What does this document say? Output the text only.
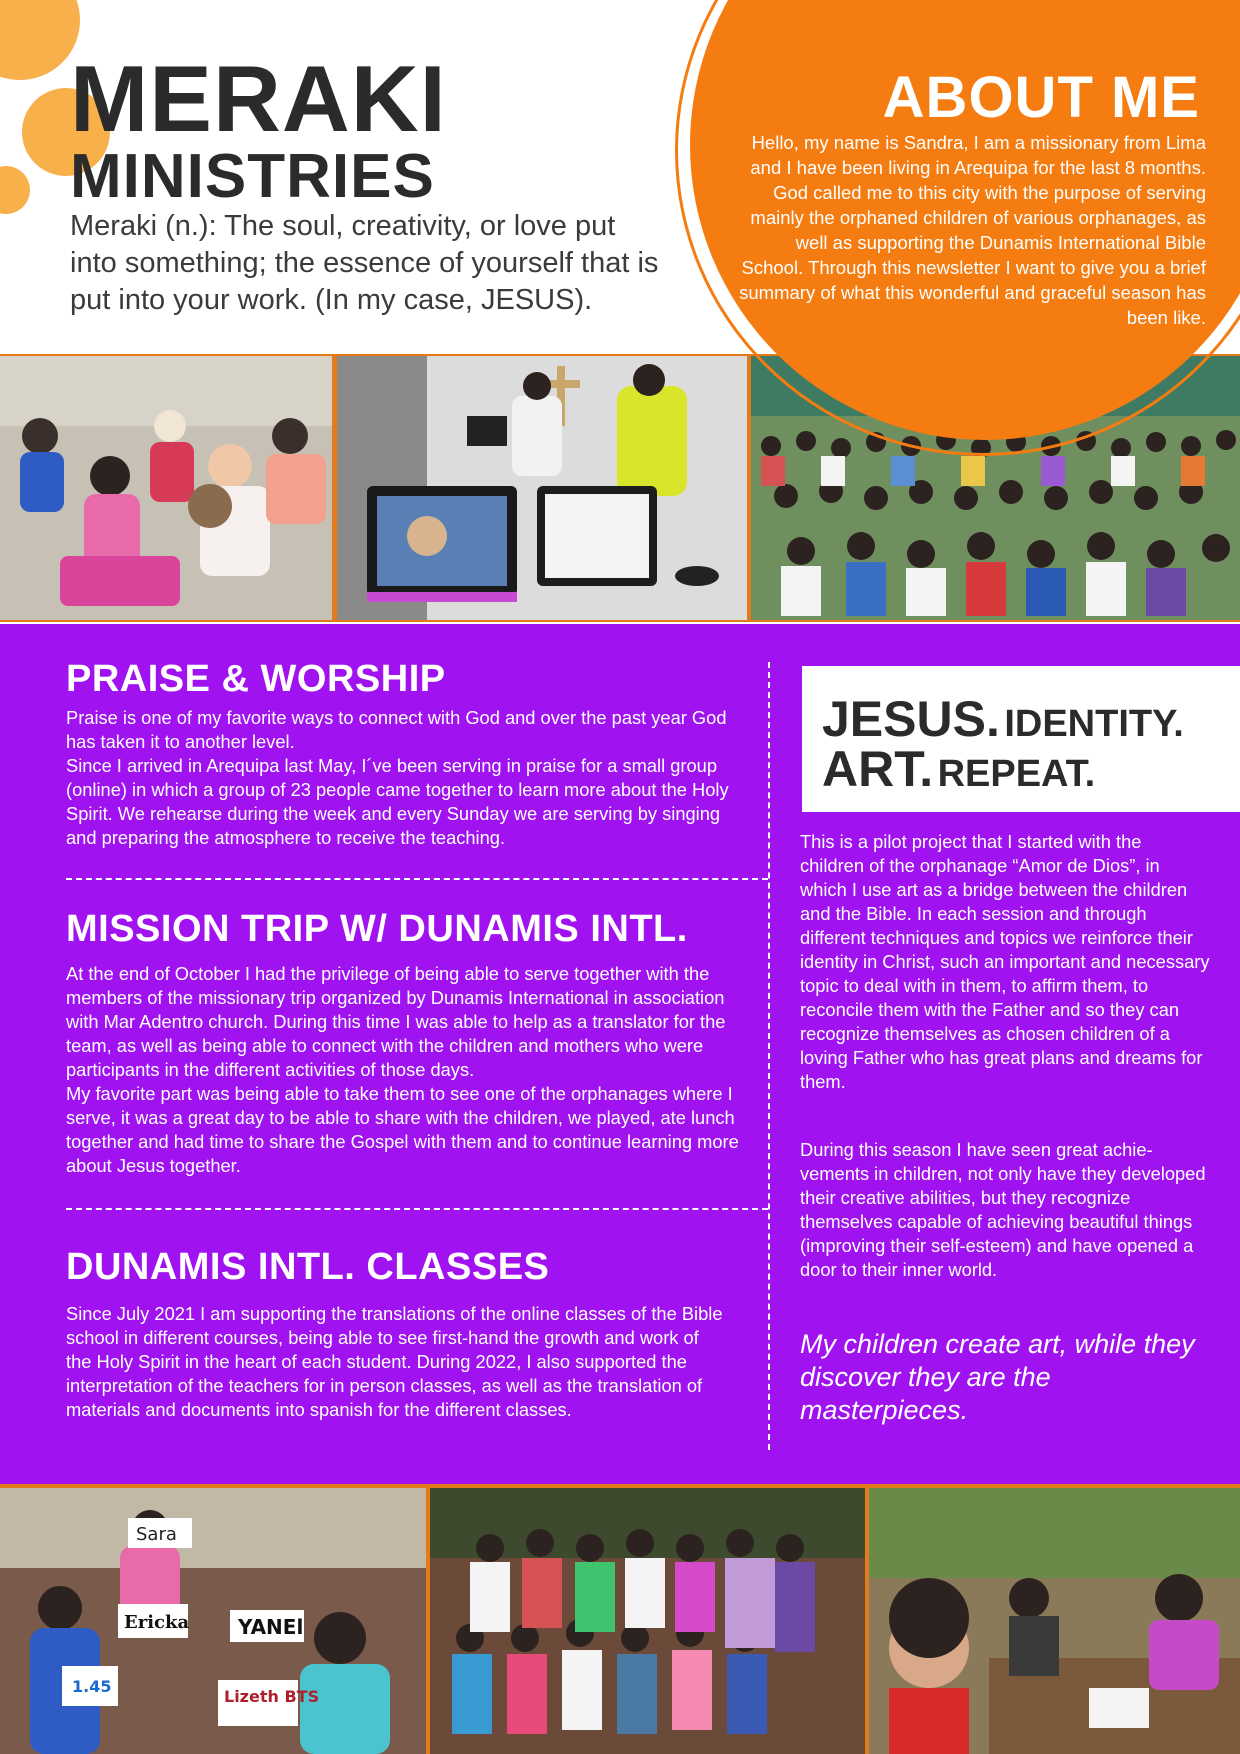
MERAKI
MINISTRIES

Meraki (n.): The soul, creativity, or love put into something; the essence of yourself that is put into your work. (In my case, JESUS).

ABOUT ME

Hello, my name is Sandra, I am a missionary from Lima and I have been living in Arequipa for the last 8 months. God called me to this city with the purpose of serving mainly the orphaned children of various orphanages, as well as supporting the Dunamis International Bible School. Through this newsletter I want to give you a brief summary of what this wonderful and graceful season has been like.

PRAISE & WORSHIP

Praise is one of my favorite ways to connect with God and over the past year God has taken it to another level.
Since I arrived in Arequipa last May, I´ve been serving in praise for a small group (online) in which a group of 23 people came together to learn more about the Holy Spirit. We rehearse during the week and every Sunday we are serving by singing and preparing the atmosphere to receive the teaching.

MISSION TRIP W/ DUNAMIS INTL.

At the end of October I had the privilege of being able to serve together with the members of the missionary trip organized by Dunamis International in association with Mar Adentro church. During this time I was able to help as a translator for the team, as well as being able to connect with the children and mothers who were participants in the different activities of those days.
My favorite part was being able to take them to see one of the orphanages where I serve, it was a great day to be able to share with the children, we played, ate lunch together and had time to share the Gospel with them and to continue learning more about Jesus together.

DUNAMIS INTL. CLASSES

Since July 2021 I am supporting the translations of the online classes of the Bible school in different courses, being able to see first-hand the growth and work of the Holy Spirit in the heart of each student. During 2022, I also supported the interpretation of the teachers for in person classes, as well as the translation of materials and documents into spanish for the different classes.

JESUS. IDENTITY.

ART. REPEAT.

This is a pilot project that I started with the children of the orphanage “Amor de Dios”, in which I use art as a bridge between the children and the Bible. In each session and through different techniques and topics we reinforce their identity in Christ, such an important and necessary topic to deal with in them, to affirm them, to reconcile them with the Father and so they can recognize themselves as chosen children of a loving Father who has great plans and dreams for them.

During this season I have seen great achie-vements in children, not only have they developed their creative abilities, but they recognize themselves capable of achieving beautiful things
(improving their self-esteem) and have opened a door to their inner world.

My children create art, while they discover they are the masterpieces.

Sara
Ericka YANEl
Lizeth BTS
1.45
